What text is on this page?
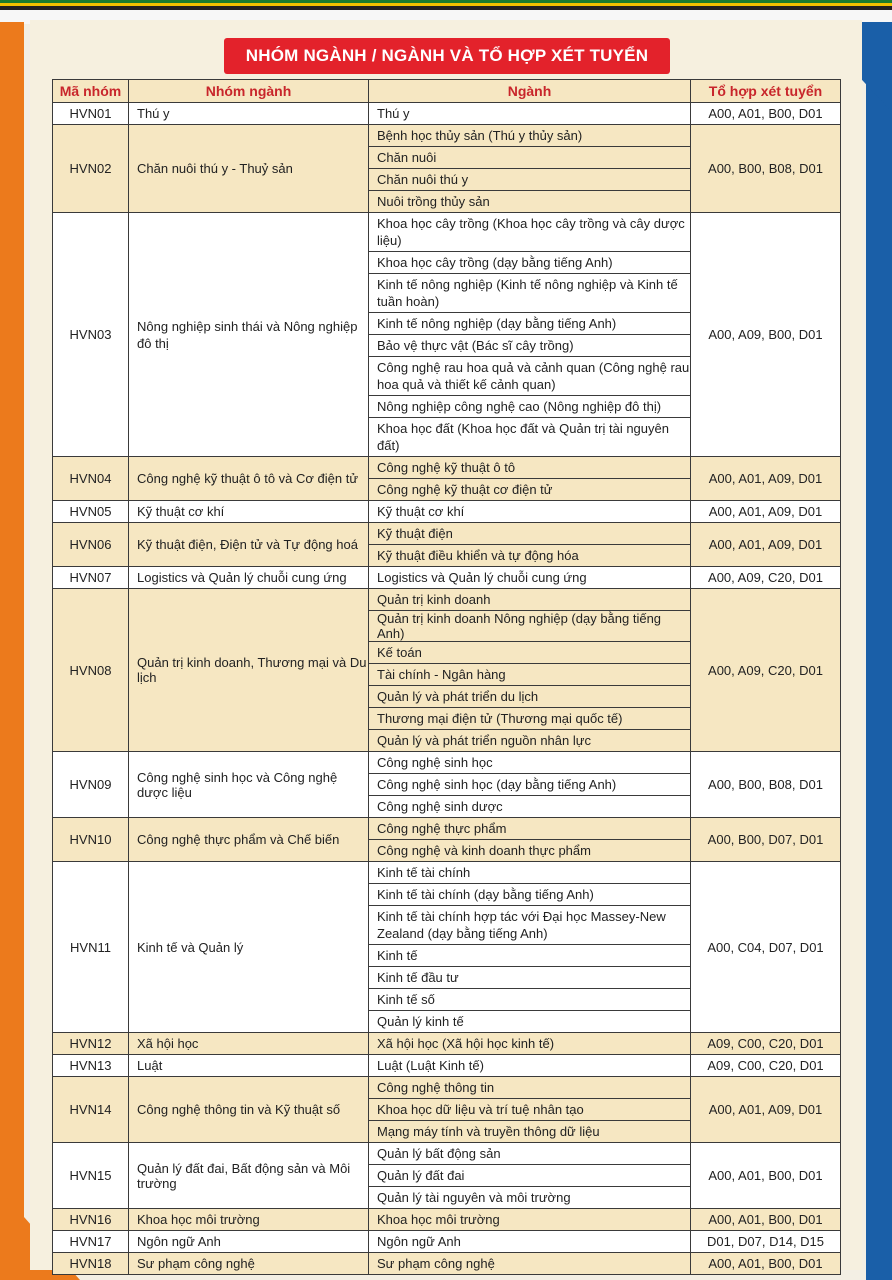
NHÓM NGÀNH / NGÀNH VÀ TỔ HỢP XÉT TUYỂN
Mã nhóm	Nhóm ngành	Ngành	Tổ hợp xét tuyển
HVN01	Thú y	Thú y	A00, A01, B00, D01
HVN02	Chăn nuôi thú y - Thuỷ sản	Bệnh học thủy sản (Thú y thủy sản)	A00, B00, B08, D01
		Chăn nuôi	
		Chăn nuôi thú y	
		Nuôi trồng thủy sản	
HVN03	Nông nghiệp sinh thái và Nông nghiệp đô thị	Khoa học cây trồng (Khoa học cây trồng và cây dược liệu)	A00, A09, B00, D01
		Khoa học cây trồng (dạy bằng tiếng Anh)	
		Kinh tế nông nghiệp (Kinh tế nông nghiệp và Kinh tế tuần hoàn)	
		Kinh tế nông nghiệp (dạy bằng tiếng Anh)	
		Bảo vệ thực vật (Bác sĩ cây trồng)	
		Công nghệ rau hoa quả và cảnh quan (Công nghệ rau hoa quả và thiết kế cảnh quan)	
		Nông nghiệp công nghệ cao (Nông nghiệp đô thị)	
		Khoa học đất (Khoa học đất và Quản trị tài nguyên đất)	
HVN04	Công nghệ kỹ thuật ô tô và Cơ điện tử	Công nghệ kỹ thuật ô tô	A00, A01, A09, D01
		Công nghệ kỹ thuật cơ điện tử	
HVN05	Kỹ thuật cơ khí	Kỹ thuật cơ khí	A00, A01, A09, D01
HVN06	Kỹ thuật điện, Điện tử và Tự động hoá	Kỹ thuật điện	A00, A01, A09, D01
		Kỹ thuật điều khiển và tự động hóa	
HVN07	Logistics và Quản lý chuỗi cung ứng	Logistics và Quản lý chuỗi cung ứng	A00, A09, C20, D01
HVN08	Quản trị kinh doanh, Thương mại và Du lịch	Quản trị kinh doanh	A00, A09, C20, D01
		Quản trị kinh doanh Nông nghiệp (dạy bằng tiếng Anh)	
		Kế toán	
		Tài chính - Ngân hàng	
		Quản lý và phát triển du lịch	
		Thương mại điện tử (Thương mại quốc tế)	
		Quản lý và phát triển nguồn nhân lực	
HVN09	Công nghệ sinh học và Công nghệ dược liệu	Công nghệ sinh học	A00, B00, B08, D01
		Công nghệ sinh học (dạy bằng tiếng Anh)	
		Công nghệ sinh dược	
HVN10	Công nghệ thực phẩm và Chế biến	Công nghệ thực phẩm	A00, B00, D07, D01
		Công nghệ và kinh doanh thực phẩm	
HVN11	Kinh tế và Quản lý	Kinh tế tài chính	A00, C04, D07, D01
		Kinh tế tài chính (dạy bằng tiếng Anh)	
		Kinh tế tài chính hợp tác với Đại học Massey-New Zealand (dạy bằng tiếng Anh)	
		Kinh tế	
		Kinh tế đầu tư	
		Kinh tế số	
		Quản lý kinh tế	
HVN12	Xã hội học	Xã hội học (Xã hội học kinh tế)	A09, C00, C20, D01
HVN13	Luật	Luật (Luật Kinh tế)	A09, C00, C20, D01
HVN14	Công nghệ thông tin và Kỹ thuật số	Công nghệ thông tin	A00, A01, A09, D01
		Khoa học dữ liệu và trí tuệ nhân tạo	
		Mạng máy tính và truyền thông dữ liệu	
HVN15	Quản lý đất đai, Bất động sản và Môi trường	Quản lý bất động sản	A00, A01, B00, D01
		Quản lý đất đai	
		Quản lý tài nguyên và môi trường	
HVN16	Khoa học môi trường	Khoa học môi trường	A00, A01, B00, D01
HVN17	Ngôn ngữ Anh	Ngôn ngữ Anh	D01, D07, D14, D15
HVN18	Sư phạm công nghệ	Sư phạm công nghệ	A00, A01, B00, D01
